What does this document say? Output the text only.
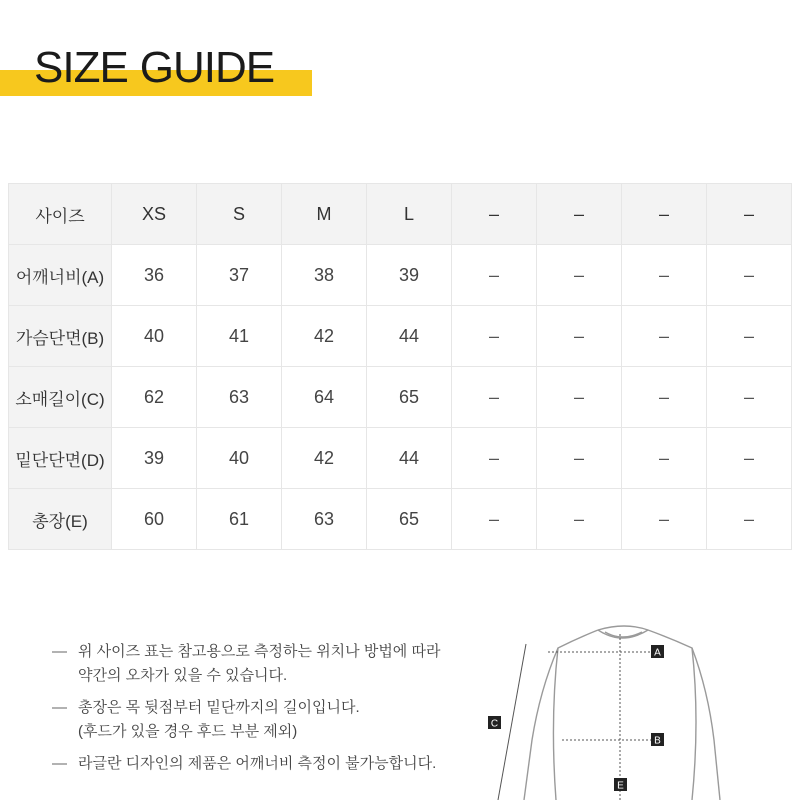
SIZE GUIDE
사이즈	XS	S	M	L	–	–	–	–
어깨너비(A)	36	37	38	39	–	–	–	–
가슴단면(B)	40	41	42	44	–	–	–	–
소매길이(C)	62	63	64	65	–	–	–	–
밑단단면(D)	39	40	42	44	–	–	–	–
총장(E)	60	61	63	65	–	–	–	–
— 위 사이즈 표는 참고용으로 측정하는 위치나 방법에 따라
약간의 오차가 있을 수 있습니다.
— 총장은 목 뒷점부터 밑단까지의 길이입니다.
(후드가 있을 경우 후드 부분 제외)
— 라글란 디자인의 제품은 어깨너비 측정이 불가능합니다.
A
B
C
E
